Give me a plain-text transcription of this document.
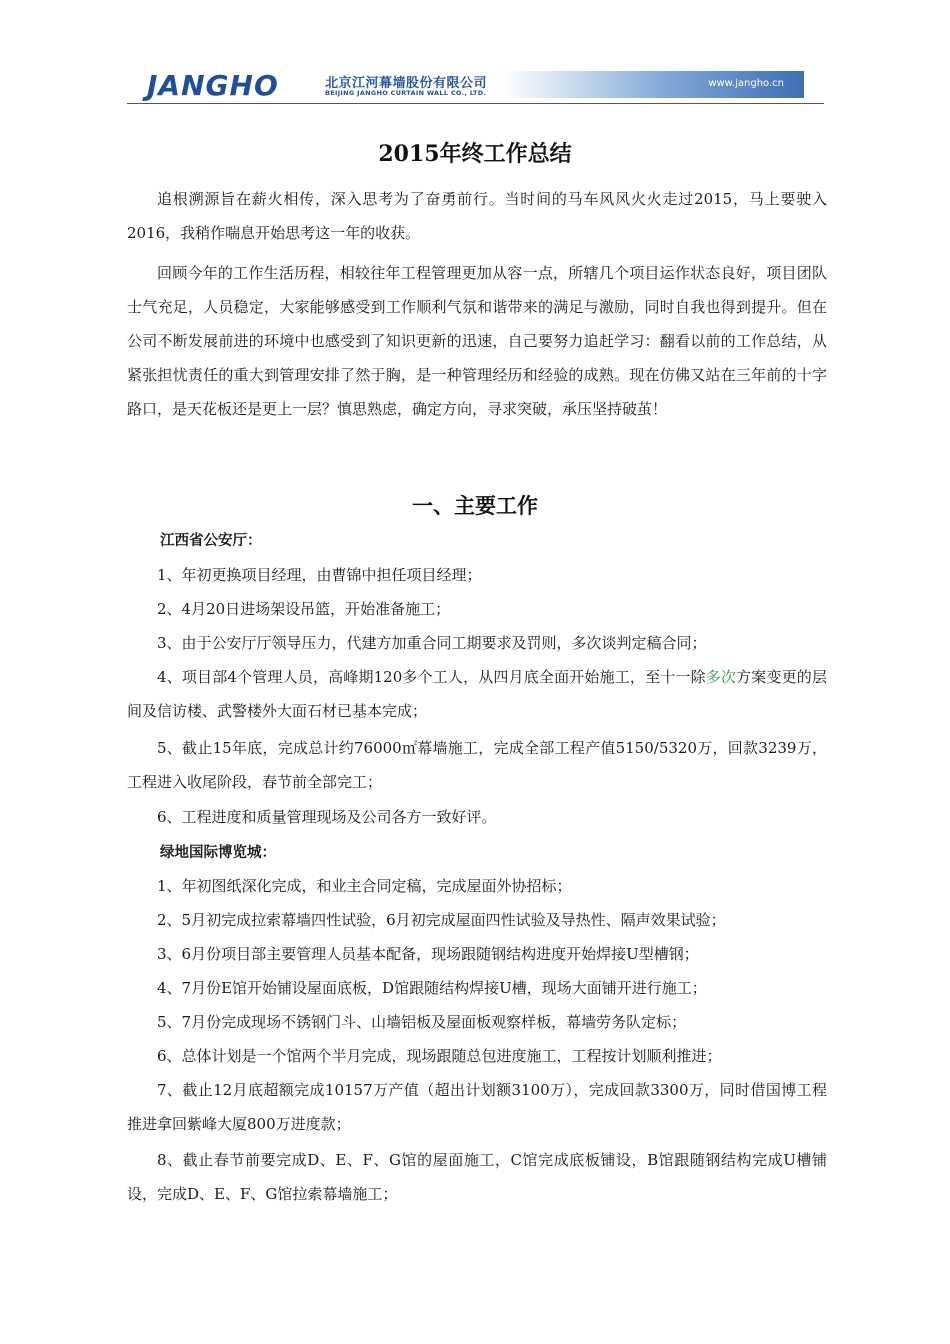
JANGHO	北京江河幕墙股份有限公司
BEIJING JANGHO CURTAIN WALL CO., LTD.
www.jangho.cn
2015年终工作总结

追根溯源旨在薪火相传，深入思考为了奋勇前行。当时间的马车风风火火走过2015，马上要驶入2016，我稍作喘息开始思考这一年的收获。

回顾今年的工作生活历程，相较往年工程管理更加从容一点，所辖几个项目运作状态良好，项目团队士气充足，人员稳定，大家能够感受到工作顺利气氛和谐带来的满足与激励，同时自我也得到提升。但在公司不断发展前进的环境中也感受到了知识更新的迅速，自己要努力追赶学习：翻看以前的工作总结，从紧张担忧责任的重大到管理安排了然于胸，是一种管理经历和经验的成熟。现在仿佛又站在三年前的十字路口，是天花板还是更上一层？慎思熟虑，确定方向，寻求突破，承压坚持破茧！

一、主要工作

江西省公安厅：

1、年初更换项目经理，由曹锦中担任项目经理；

2、4月20日进场架设吊篮，开始准备施工；

3、由于公安厅厅领导压力，代建方加重合同工期要求及罚则，多次谈判定稿合同；

4、项目部4个管理人员，高峰期120多个工人，从四月底全面开始施工，至十一除多次方案变更的层间及信访楼、武警楼外大面石材已基本完成；

5、截止15年底，完成总计约76000㎡幕墙施工，完成全部工程产值5150/5320万，回款3239万，工程进入收尾阶段，春节前全部完工；

6、工程进度和质量管理现场及公司各方一致好评。

绿地国际博览城：

1、年初图纸深化完成，和业主合同定稿，完成屋面外协招标；

2、5月初完成拉索幕墙四性试验，6月初完成屋面四性试验及导热性、隔声效果试验；

3、6月份项目部主要管理人员基本配备，现场跟随钢结构进度开始焊接U型槽钢；

4、7月份E馆开始铺设屋面底板，D馆跟随结构焊接U槽，现场大面铺开进行施工；

5、7月份完成现场不锈钢门斗、山墙铝板及屋面板观察样板，幕墙劳务队定标；

6、总体计划是一个馆两个半月完成，现场跟随总包进度施工，工程按计划顺利推进；

7、截止12月底超额完成10157万产值（超出计划额3100万），完成回款3300万，同时借国博工程推进拿回紫峰大厦800万进度款；

8、截止春节前要完成D、E、F、G馆的屋面施工，C馆完成底板铺设，B馆跟随钢结构完成U槽铺设，完成D、E、F、G馆拉索幕墙施工；
